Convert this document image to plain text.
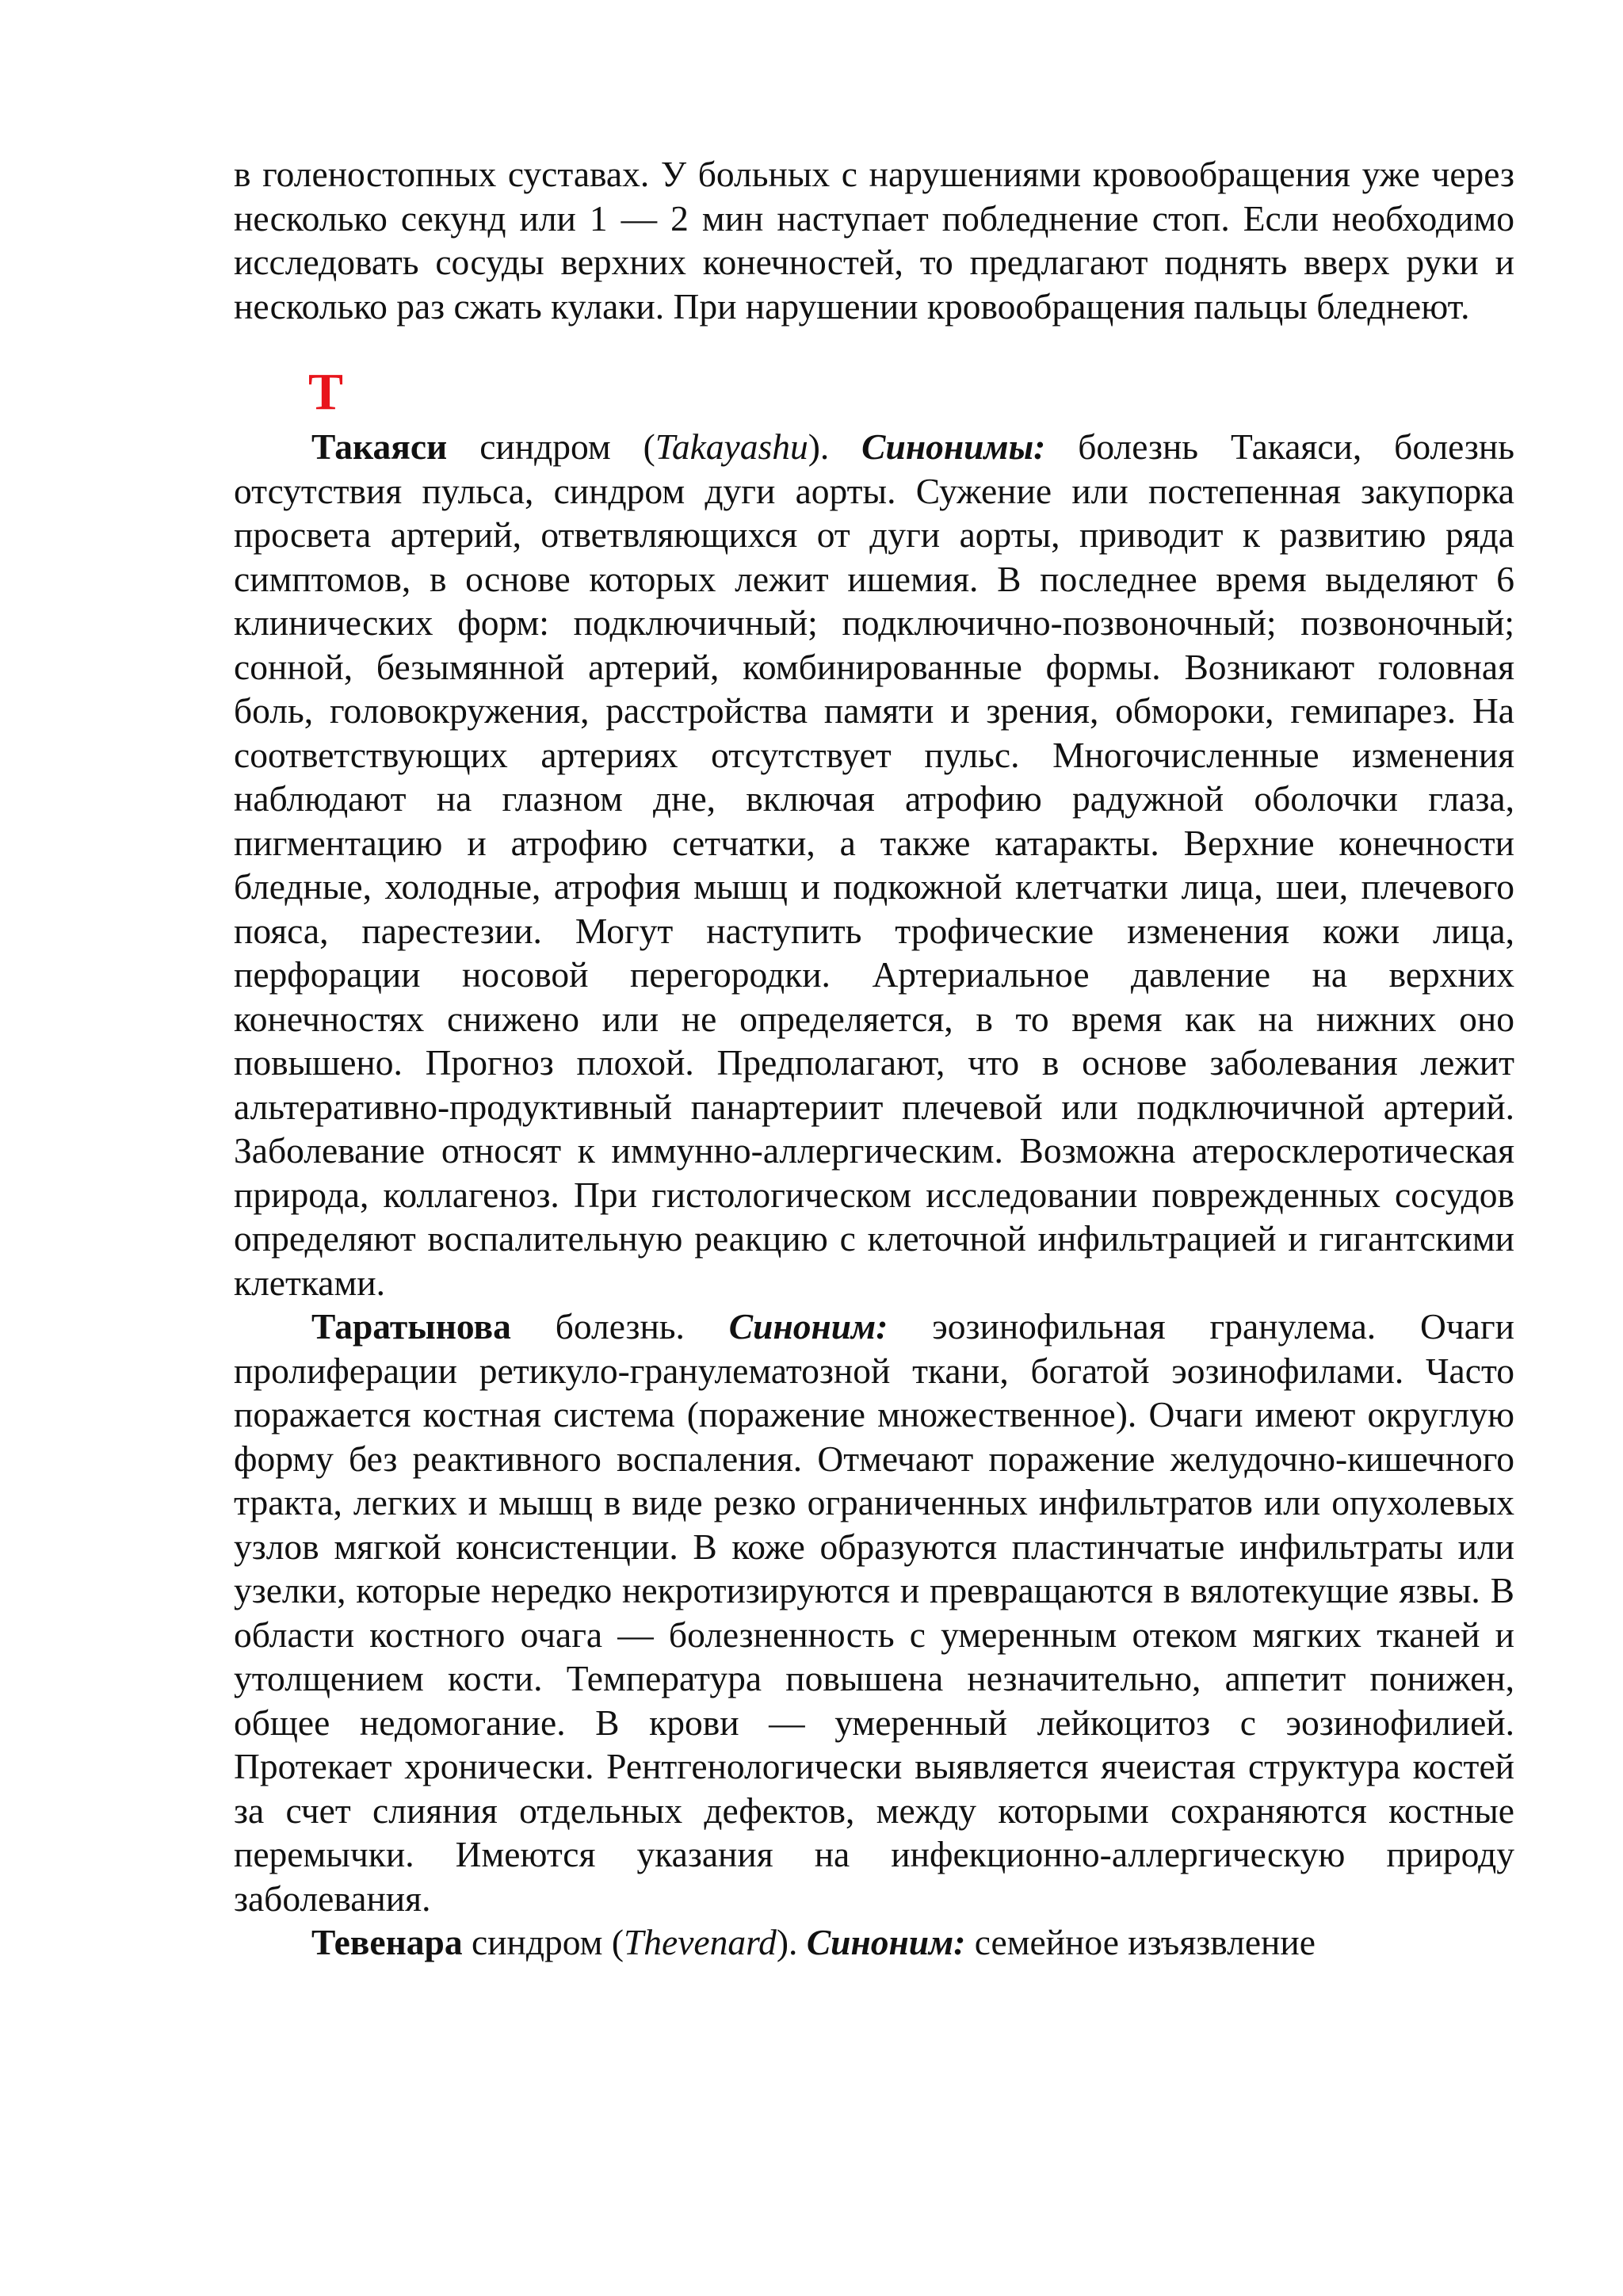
в голеностопных суставах. У больных с нарушениями кровообращения уже через несколько секунд или 1 — 2 мин наступает побледнение стоп. Если необходимо исследовать сосуды верхних конечностей, то предлагают поднять вверх руки и несколько раз сжать кулаки. При нарушении кровообращения пальцы бледнеют.

Т

Такаяси синдром (Takayashu). Синонимы: болезнь Такаяси, болезнь отсутствия пульса, синдром дуги аорты. Сужение или постепенная закупорка просвета артерий, ответвляющихся от дуги аорты, приводит к развитию ряда симптомов, в основе которых лежит ишемия. В последнее время выделяют 6 клинических форм: подключичный; подключично-позвоночный; позвоночный; сонной, безымянной артерий, комбинированные формы. Возникают головная боль, головокружения, расстройства памяти и зрения, обмороки, гемипарез. На соответствующих артериях отсутствует пульс. Многочисленные изменения наблюдают на глазном дне, включая атрофию радужной оболочки глаза, пигментацию и атрофию сетчатки, а также катаракты. Верхние конечности бледные, холодные, атрофия мышц и подкожной клетчатки лица, шеи, плечевого пояса, парестезии. Могут наступить трофические изменения кожи лица, перфорации носовой перегородки. Артериальное давление на верхних конечностях снижено или не определяется, в то время как на нижних оно повышено. Прогноз плохой. Предполагают, что в основе заболевания лежит альтеративно-продуктивный панартериит плечевой или подключичной артерий. Заболевание относят к иммунно-аллергическим. Возможна атеросклеротическая природа, коллагеноз. При гистологическом исследовании поврежденных сосудов определяют воспалительную реакцию с клеточной инфильтрацией и гигантскими клетками.

Таратынова болезнь. Синоним: эозинофильная гранулема. Очаги пролиферации ретикуло-гранулематозной ткани, богатой эозинофилами. Часто поражается костная система (поражение множественное). Очаги имеют округлую форму без реактивного воспаления. Отмечают поражение желудочно-кишечного тракта, легких и мышц в виде резко ограниченных инфильтратов или опухолевых узлов мягкой консистенции. В коже образуются пластинчатые инфильтраты или узелки, которые нередко некротизируются и превращаются в вялотекущие язвы. В области костного очага — болезненность с умеренным отеком мягких тканей и утолщением кости. Температура повышена незначительно, аппетит понижен, общее недомогание. В крови — умеренный лейкоцитоз с эозинофилией. Протекает хронически. Рентгенологически выявляется ячеистая структура костей за счет слияния отдельных дефектов, между которыми сохраняются костные перемычки. Имеются указания на инфекционно-аллергическую природу заболевания.

Тевенара синдром (Thevenard). Синоним: семейное изъязвление
